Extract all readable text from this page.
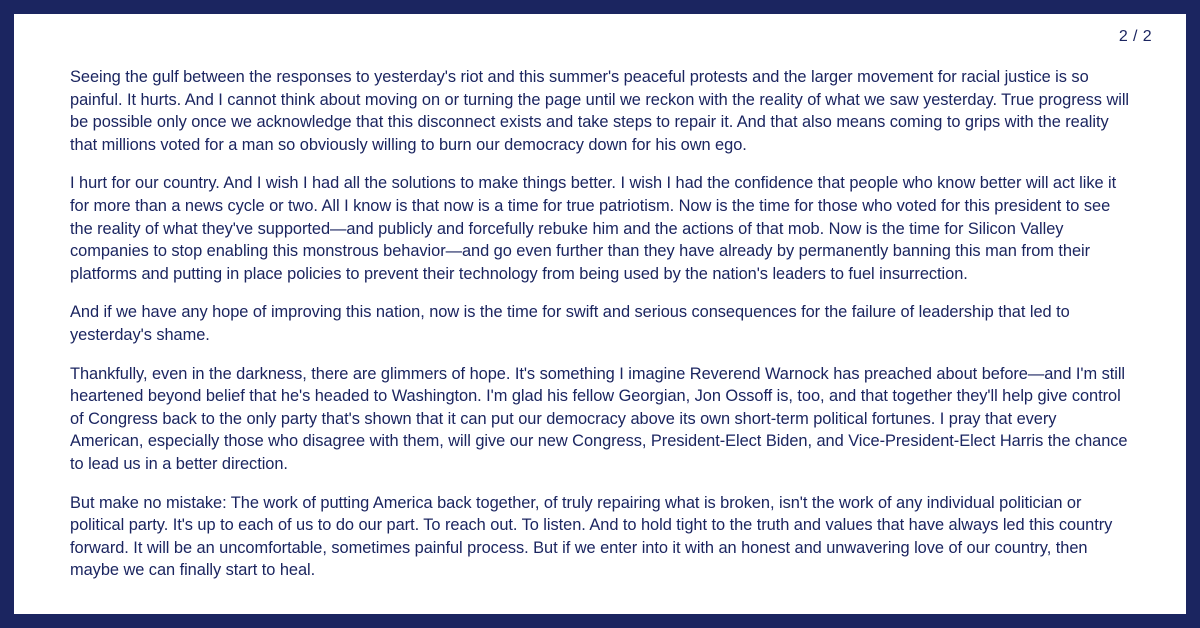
2 / 2

Seeing the gulf between the responses to yesterday's riot and this summer's peaceful protests and the larger movement for racial justice is so painful. It hurts. And I cannot think about moving on or turning the page until we reckon with the reality of what we saw yesterday. True progress will be possible only once we acknowledge that this disconnect exists and take steps to repair it. And that also means coming to grips with the reality that millions voted for a man so obviously willing to burn our democracy down for his own ego.

I hurt for our country. And I wish I had all the solutions to make things better. I wish I had the confidence that people who know better will act like it for more than a news cycle or two. All I know is that now is a time for true patriotism. Now is the time for those who voted for this president to see the reality of what they've supported—and publicly and forcefully rebuke him and the actions of that mob. Now is the time for Silicon Valley companies to stop enabling this monstrous behavior—and go even further than they have already by permanently banning this man from their platforms and putting in place policies to prevent their technology from being used by the nation's leaders to fuel insurrection.

And if we have any hope of improving this nation, now is the time for swift and serious consequences for the failure of leadership that led to yesterday's shame.

Thankfully, even in the darkness, there are glimmers of hope. It's something I imagine Reverend Warnock has preached about before—and I'm still heartened beyond belief that he's headed to Washington. I'm glad his fellow Georgian, Jon Ossoff is, too, and that together they'll help give control of Congress back to the only party that's shown that it can put our democracy above its own short-term political fortunes. I pray that every American, especially those who disagree with them, will give our new Congress, President-Elect Biden, and Vice-President-Elect Harris the chance to lead us in a better direction.

But make no mistake: The work of putting America back together, of truly repairing what is broken, isn't the work of any individual politician or political party. It's up to each of us to do our part. To reach out. To listen. And to hold tight to the truth and values that have always led this country forward. It will be an uncomfortable, sometimes painful process. But if we enter into it with an honest and unwavering love of our country, then maybe we can finally start to heal.
